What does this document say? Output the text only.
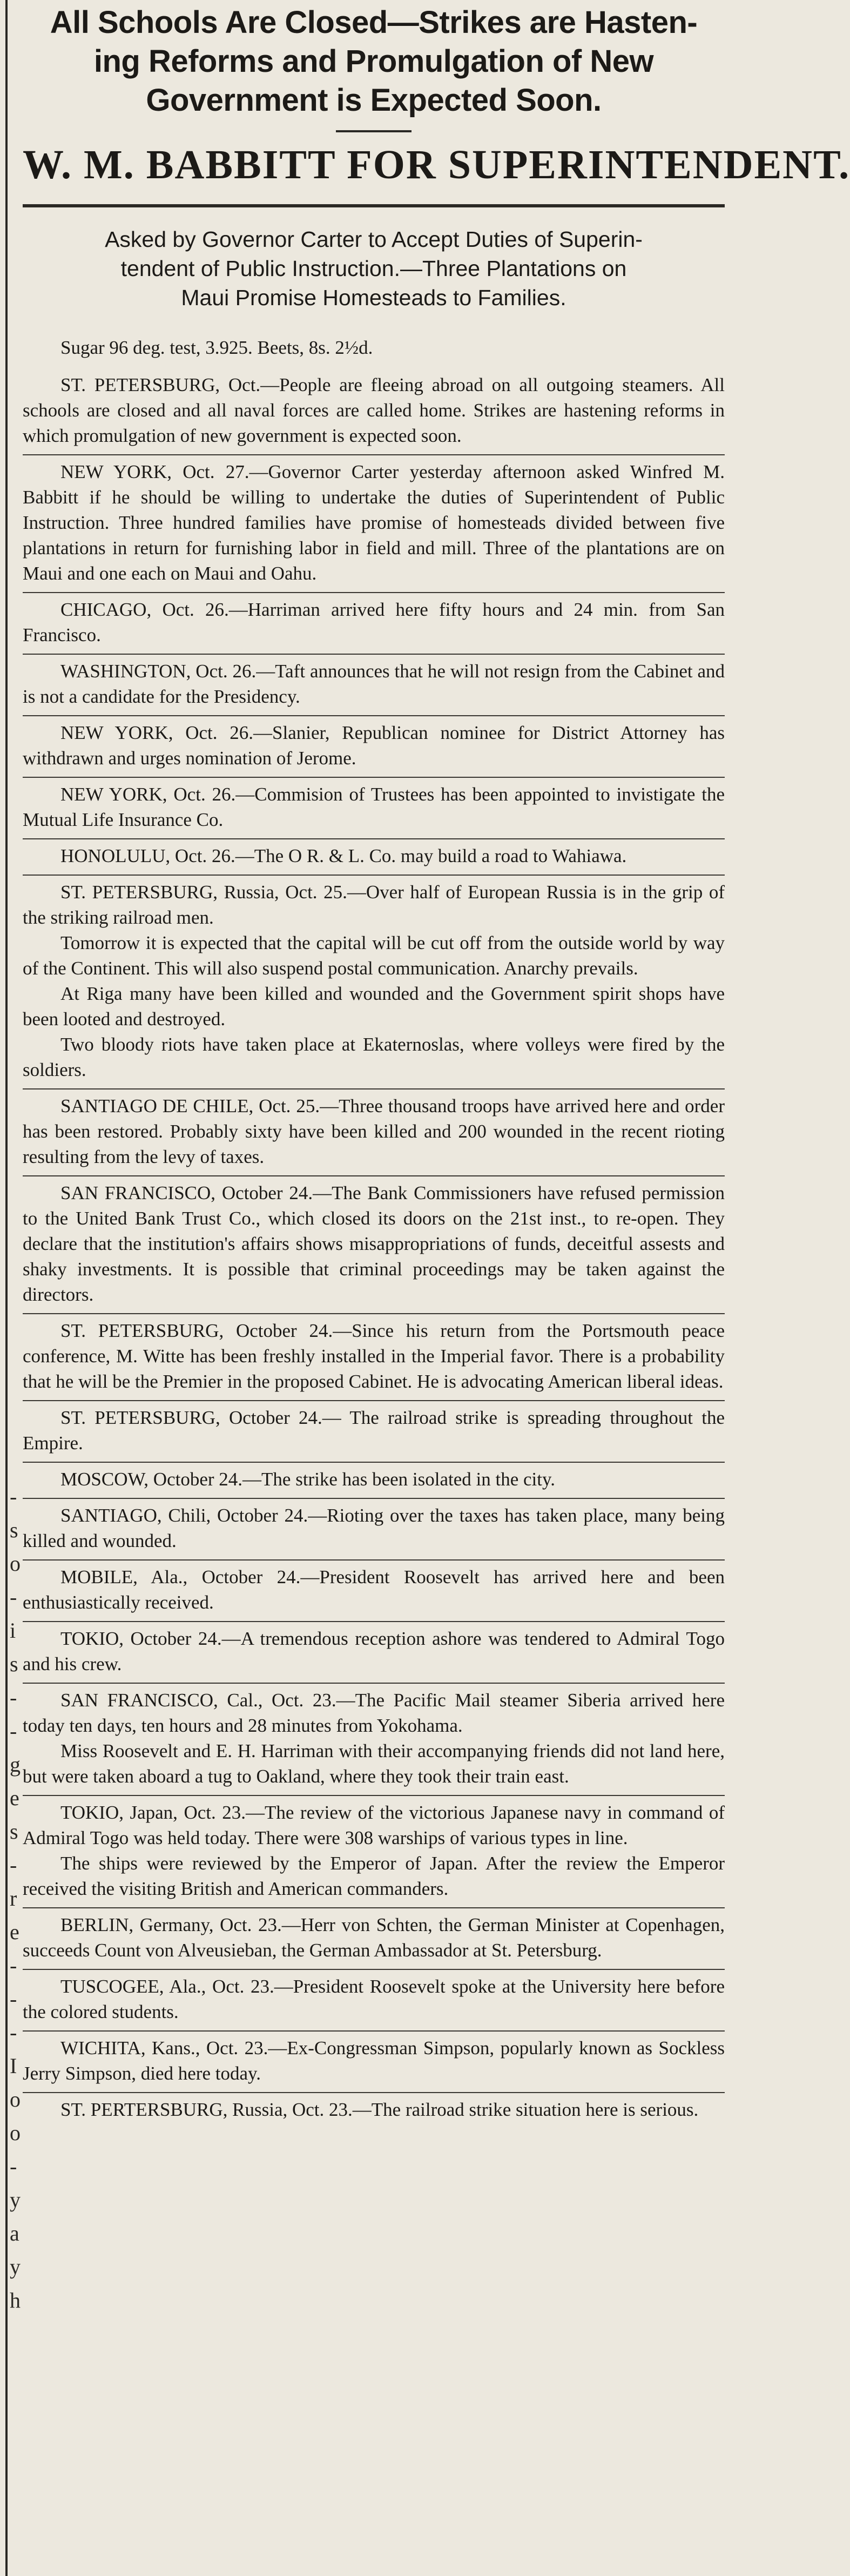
-
s
o
-
i
s
-
-
g
e
s
-
r
e
-
-
-
I
o
o
-
y
a
y
h
All Schools Are Closed—Strikes are Hasten-
ing Reforms and Promulgation of New
Government is Expected Soon.
W. M. BABBITT FOR SUPERINTENDENT.
Asked by Governor Carter to Accept Duties of Superin-
tendent of Public Instruction.—Three Plantations on
Maui Promise Homesteads to Families.
Sugar 96 deg. test, 3.925. Beets, 8s. 2½d.

ST. PETERSBURG, Oct.—People are fleeing abroad on all outgoing steamers. All schools are closed and all naval forces are called home. Strikes are hastening reforms in which promulgation of new government is expected soon.

NEW YORK, Oct. 27.—Governor Carter yesterday afternoon asked Winfred M. Babbitt if he should be willing to undertake the duties of Superintendent of Public Instruction. Three hundred families have promise of homesteads divided between five plantations in return for furnishing labor in field and mill. Three of the plantations are on Maui and one each on Maui and Oahu.

CHICAGO, Oct. 26.—Harriman arrived here fifty hours and 24 min. from San Francisco.

WASHINGTON, Oct. 26.—Taft announces that he will not resign from the Cabinet and is not a candidate for the Presidency.

NEW YORK, Oct. 26.—Slanier, Republican nominee for District Attorney has withdrawn and urges nomination of Jerome.

NEW YORK, Oct. 26.—Commision of Trustees has been appointed to invistigate the Mutual Life Insurance Co.

HONOLULU, Oct. 26.—The O R. & L. Co. may build a road to Wahiawa.

ST. PETERSBURG, Russia, Oct. 25.—Over half of European Russia is in the grip of the striking railroad men.

Tomorrow it is expected that the capital will be cut off from the outside world by way of the Continent. This will also suspend postal communication. Anarchy prevails.

At Riga many have been killed and wounded and the Government spirit shops have been looted and destroyed.

Two bloody riots have taken place at Ekaternoslas, where volleys were fired by the soldiers.

SANTIAGO DE CHILE, Oct. 25.—Three thousand troops have arrived here and order has been restored. Probably sixty have been killed and 200 wounded in the recent rioting resulting from the levy of taxes.

SAN FRANCISCO, October 24.—The Bank Commissioners have refused permission to the United Bank Trust Co., which closed its doors on the 21st inst., to re-open. They declare that the institution's affairs shows misappropriations of funds, deceitful assests and shaky investments. It is possible that criminal proceedings may be taken against the directors.

ST. PETERSBURG, October 24.—Since his return from the Portsmouth peace conference, M. Witte has been freshly installed in the Imperial favor. There is a probability that he will be the Premier in the proposed Cabinet. He is advocating American liberal ideas.

ST. PETERSBURG, October 24.— The railroad strike is spreading throughout the Empire.

MOSCOW, October 24.—The strike has been isolated in the city.

SANTIAGO, Chili, October 24.—Rioting over the taxes has taken place, many being killed and wounded.

MOBILE, Ala., October 24.—President Roosevelt has arrived here and been enthusiastically received.

TOKIO, October 24.—A tremendous reception ashore was tendered to Admiral Togo and his crew.

SAN FRANCISCO, Cal., Oct. 23.—The Pacific Mail steamer Siberia arrived here today ten days, ten hours and 28 minutes from Yokohama.

Miss Roosevelt and E. H. Harriman with their accompanying friends did not land here, but were taken aboard a tug to Oakland, where they took their train east.

TOKIO, Japan, Oct. 23.—The review of the victorious Japanese navy in command of Admiral Togo was held today. There were 308 warships of various types in line.

The ships were reviewed by the Emperor of Japan. After the review the Emperor received the visiting British and American commanders.

BERLIN, Germany, Oct. 23.—Herr von Schten, the German Minister at Copenhagen, succeeds Count von Alveusieban, the German Ambassador at St. Petersburg.

TUSCOGEE, Ala., Oct. 23.—President Roosevelt spoke at the University here before the colored students.

WICHITA, Kans., Oct. 23.—Ex-Congressman Simpson, popularly known as Sockless Jerry Simpson, died here today.

ST. PERTERSBURG, Russia, Oct. 23.—The railroad strike situation here is serious.
